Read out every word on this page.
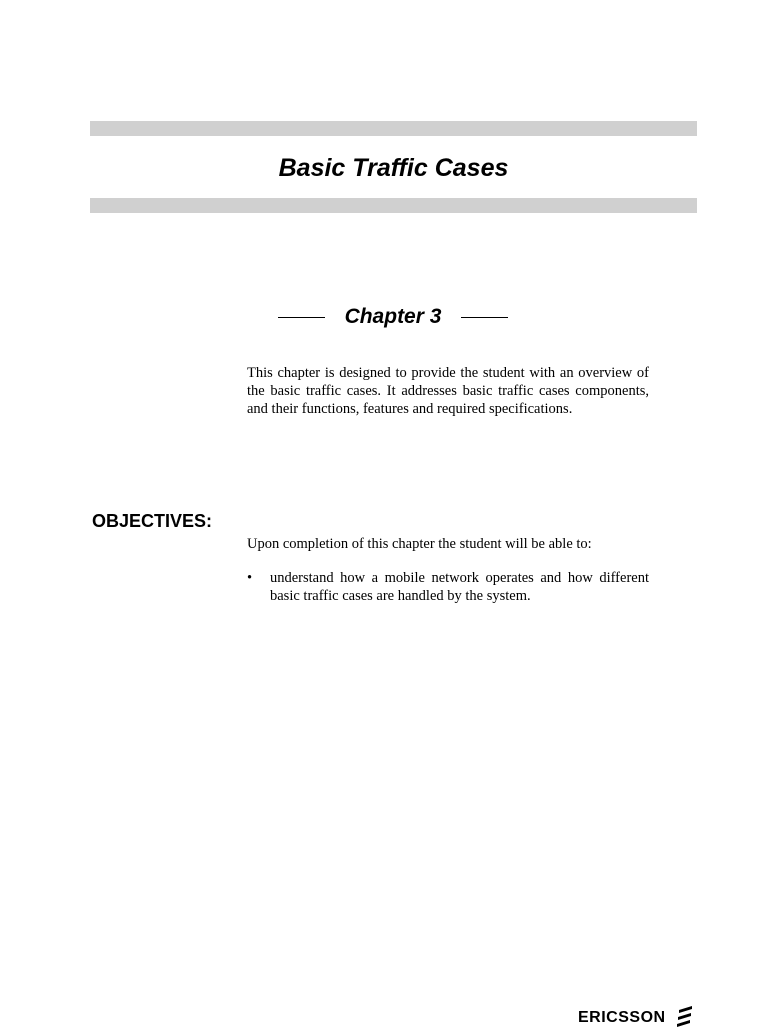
Basic Traffic Cases
Chapter 3

This chapter is designed to provide the student with an overview of the basic traffic cases. It addresses basic traffic cases components, and their functions, features and required specifications.

OBJECTIVES:

Upon completion of this chapter the student will be able to:

• understand how a mobile network operates and how different basic traffic cases are handled by the system.
ERICSSON
